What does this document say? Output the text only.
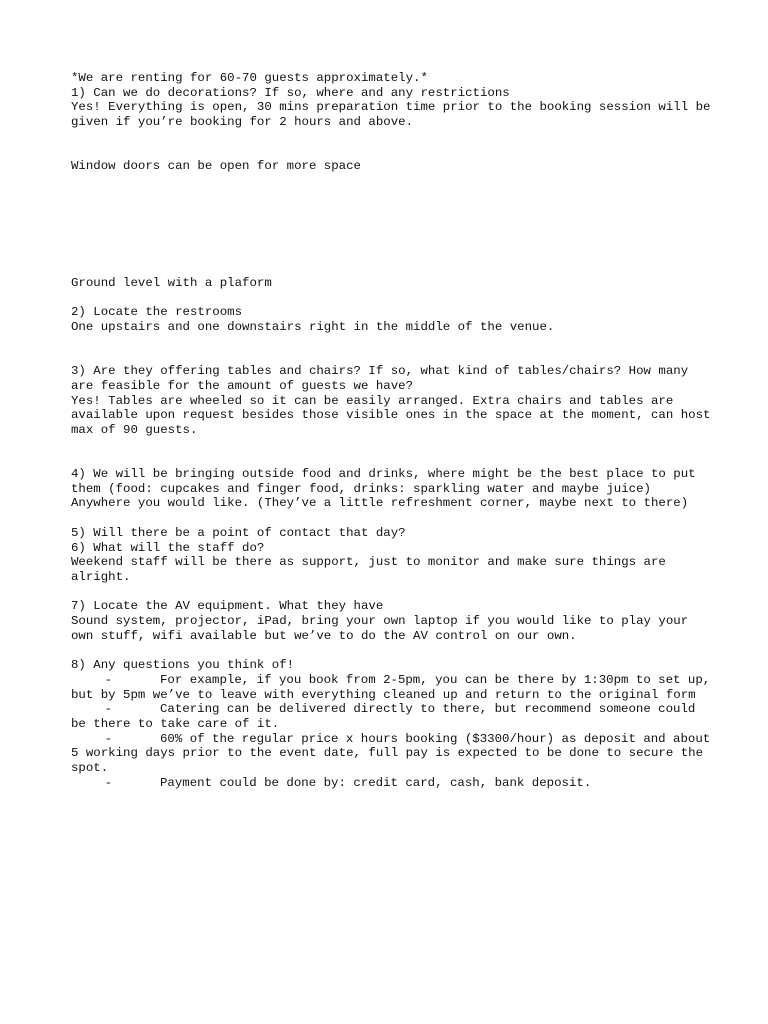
*We are renting for 60-70 guests approximately.*

1) Can we do decorations? If so, where and any restrictions

Yes! Everything is open, 30 mins preparation time prior to the booking session will be given if you’re booking for 2 hours and above.

Window doors can be open for more space

Ground level with a plaform

2) Locate the restrooms

One upstairs and one downstairs right in the middle of the venue.

3) Are they offering tables and chairs? If so, what kind of tables/chairs? How many are feasible for the amount of guests we have?

Yes! Tables are wheeled so it can be easily arranged. Extra chairs and tables are available upon request besides those visible ones in the space at the moment, can host max of 90 guests.

4) We will be bringing outside food and drinks, where might be the best place to put them (food: cupcakes and finger food, drinks: sparkling water and maybe juice)

Anywhere you would like. (They’ve a little refreshment corner, maybe next to there)

5) Will there be a point of contact that day?

6) What will the staff do?

Weekend staff will be there as support, just to monitor and make sure things are alright.

7) Locate the AV equipment. What they have

Sound system, projector, iPad, bring your own laptop if you would like to play your own stuff, wifi available but we’ve to do the AV control on our own.

8) Any questions you think of!

-	For example, if you book from 2-5pm, you can be there by 1:30pm to set up, but by 5pm we’ve to leave with everything cleaned up and return to the original form

-	Catering can be delivered directly to there, but recommend someone could be there to take care of it.

-	60% of the regular price x hours booking ($3300/hour) as deposit and about 5 working days prior to the event date, full pay is expected to be done to secure the spot.

-	Payment could be done by: credit card, cash, bank deposit.
